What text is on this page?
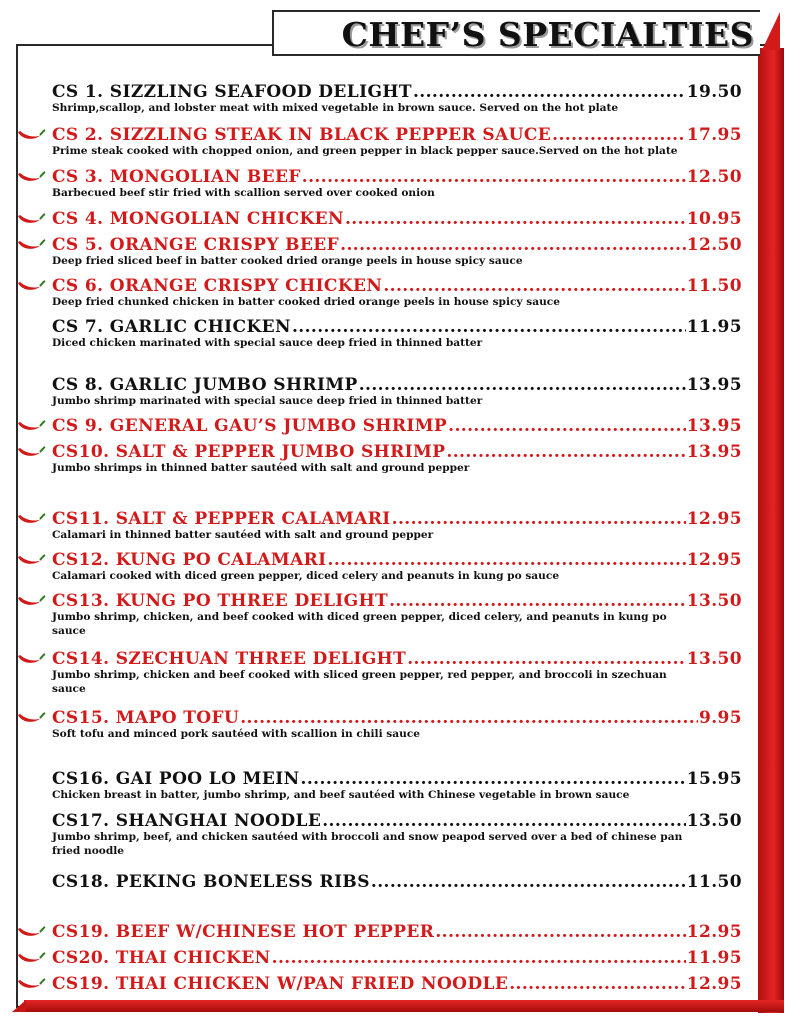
CHEF’S SPECIALTIES
CS 1. SIZZLING SEAFOOD DELIGHT .....	19.50
Shrimp,scallop, and lobster meat with mixed vegetable in brown sauce. Served on the hot plate
CS 2. SIZZLING STEAK IN BLACK PEPPER SAUCE .....	17.95
Prime steak cooked with chopped onion, and green pepper in black pepper sauce.Served on the hot plate
CS 3. MONGOLIAN BEEF .....	12.50
Barbecued beef stir fried with scallion served over cooked onion
CS 4. MONGOLIAN CHICKEN .....	10.95
CS 5. ORANGE CRISPY BEEF .....	12.50
Deep fried sliced beef in batter cooked dried orange peels in house spicy sauce
CS 6. ORANGE CRISPY CHICKEN .....	11.50
Deep fried chunked chicken in batter cooked dried orange peels in house spicy sauce
CS 7. GARLIC CHICKEN .....	11.95
Diced chicken marinated with special sauce deep fried in thinned batter
CS 8. GARLIC JUMBO SHRIMP .....	13.95
Jumbo shrimp marinated with special sauce deep fried in thinned batter
CS 9. GENERAL GAU’S JUMBO SHRIMP .....	13.95
CS10. SALT & PEPPER JUMBO SHRIMP .....	13.95
Jumbo shrimps in thinned batter sautéed with salt and ground pepper
CS11. SALT & PEPPER CALAMARI .....	12.95
Calamari in thinned batter sautéed with salt and ground pepper
CS12. KUNG PO CALAMARI .....	12.95
Calamari cooked with diced green pepper, diced celery and peanuts in kung po sauce
CS13. KUNG PO THREE DELIGHT .....	13.50
Jumbo shrimp, chicken, and beef cooked with diced green pepper, diced celery, and peanuts in kung po sauce
CS14. SZECHUAN THREE DELIGHT .....	13.50
Jumbo shrimp, chicken and beef cooked with sliced green pepper, red pepper, and broccoli in szechuan sauce
CS15. MAPO TOFU .....	9.95
Soft tofu and minced pork sautéed with scallion in chili sauce
CS16. GAI POO LO MEIN .....	15.95
Chicken breast in batter, jumbo shrimp, and beef sautéed with Chinese vegetable in brown sauce
CS17. SHANGHAI NOODLE .....	13.50
Jumbo shrimp, beef, and chicken sautéed with broccoli and snow peapod served over a bed of chinese pan fried noodle
CS18. PEKING BONELESS RIBS .....	11.50
CS19. BEEF W/CHINESE HOT PEPPER .....	12.95
CS20. THAI CHICKEN .....	11.95
CS19. THAI CHICKEN W/PAN FRIED NOODLE .....	12.95
